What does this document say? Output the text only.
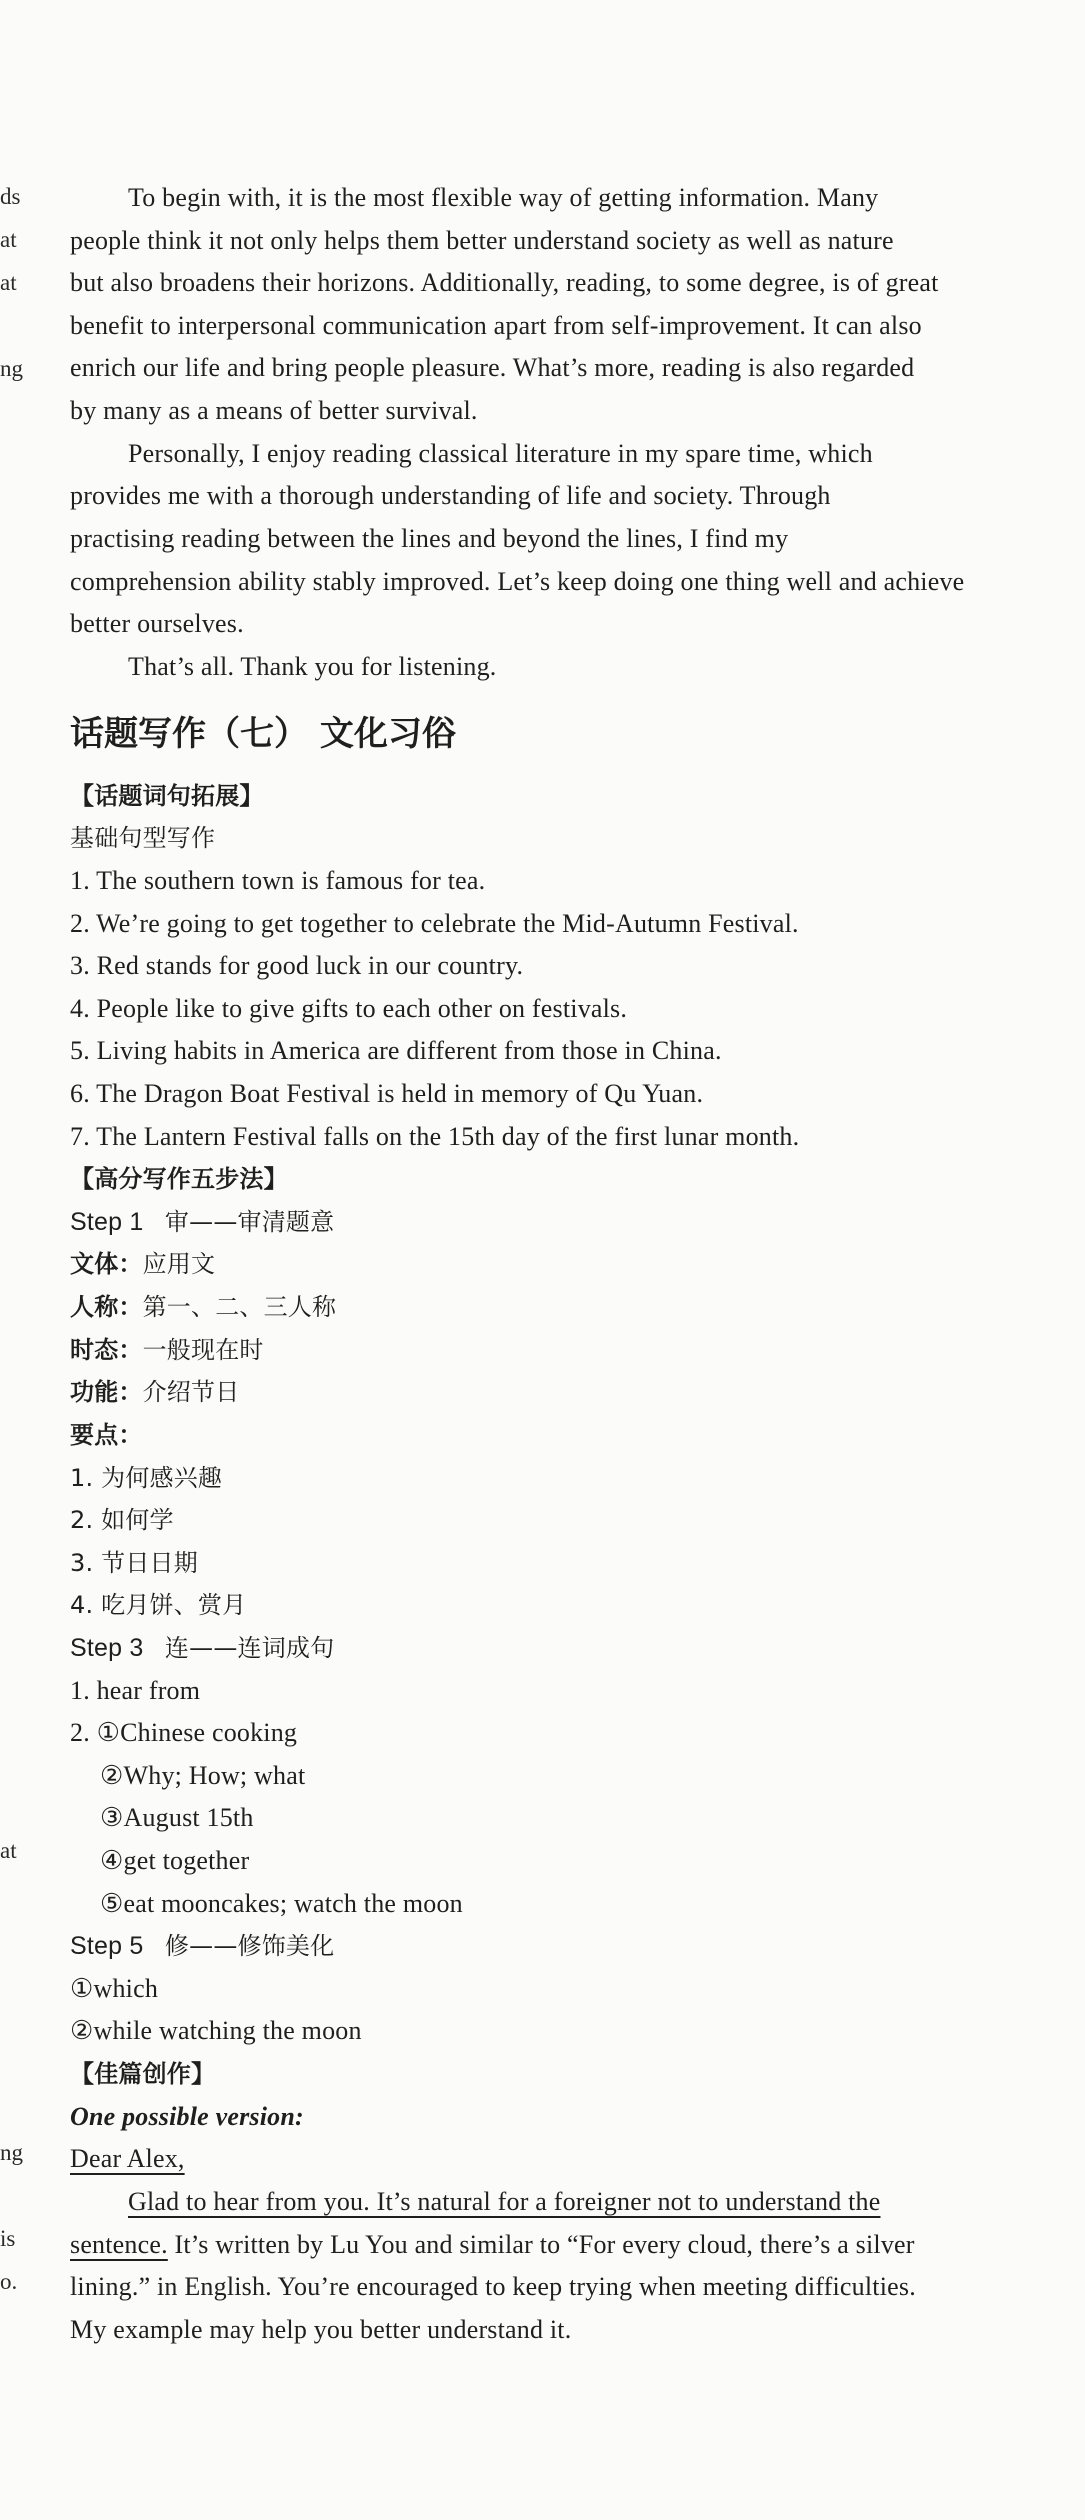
ds
at
at
ng
at
ng
is
o.
To begin with, it is the most flexible way of getting information. Many
people think it not only helps them better understand society as well as nature
but also broadens their horizons. Additionally, reading, to some degree, is of great
benefit to interpersonal communication apart from self-improvement. It can also
enrich our life and bring people pleasure. What’s more, reading is also regarded
by many as a means of better survival.
Personally, I enjoy reading classical literature in my spare time, which
provides me with a thorough understanding of life and society. Through
practising reading between the lines and beyond the lines, I find my
comprehension ability stably improved. Let’s keep doing one thing well and achieve
better ourselves.
That’s all. Thank you for listening.
话题写作（七） 文化习俗
【话题词句拓展】
基础句型写作
1. The southern town is famous for tea.
2. We’re going to get together to celebrate the Mid-Autumn Festival.
3. Red stands for good luck in our country.
4. People like to give gifts to each other on festivals.
5. Living habits in America are different from those in China.
6. The Dragon Boat Festival is held in memory of Qu Yuan.
7. The Lantern Festival falls on the 15th day of the first lunar month.
【高分写作五步法】
Step 1 审——审清题意
文体：应用文
人称：第一、二、三人称
时态：一般现在时
功能：介绍节日
要点：
1. 为何感兴趣
2. 如何学
3. 节日日期
4. 吃月饼、赏月
Step 3 连——连词成句
1. hear from
2. ①Chinese cooking
②Why; How; what
③August 15th
④get together
⑤eat mooncakes; watch the moon
Step 5 修——修饰美化
①which
②while watching the moon
【佳篇创作】
One possible version:
Dear Alex,
Glad to hear from you. It’s natural for a foreigner not to understand the
sentence. It’s written by Lu You and similar to “For every cloud, there’s a silver
lining.” in English. You’re encouraged to keep trying when meeting difficulties.
My example may help you better understand it.
